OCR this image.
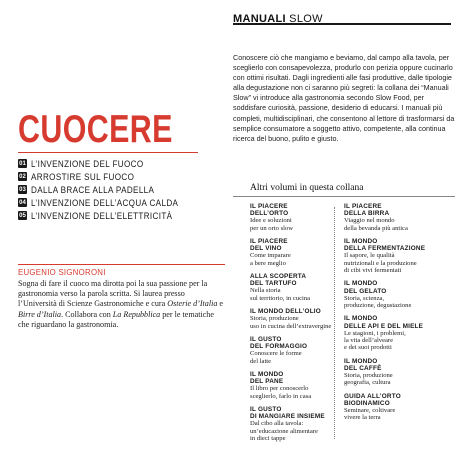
MANUALI SLOW

Conoscere ciò che mangiamo e beviamo, dal campo alla tavola, per sceglierlo con consapevolezza, produrlo con perizia oppure cucinarlo con ottimi risultati. Dagli ingredienti alle fasi produttive, dalle tipologie alla degustazione non ci saranno più segreti: la collana dei “Manuali Slow” vi introduce alla gastronomia secondo Slow Food, per soddisfare curiosità, passione, desiderio di educarsi. I manuali più completi, multidisciplinari, che consentono al lettore di trasformarsi da semplice consumatore a soggetto attivo, competente, alla continua ricerca del buono, pulito e giusto.

CUOCERE
01 L’INVENZIONE DEL FUOCO
02 ARROSTIRE SUL FUOCO
03 DALLA BRACE ALLA PADELLA
04 L’INVENZIONE DELL’ACQUA CALDA
05 L’INVENZIONE DELL’ELETTRICITÀ
EUGENIO SIGNORONI

Sogna di fare il cuoco ma dirotta poi la sua passione per la gastronomia verso la parola scritta. Si laurea presso l’Università di Scienze Gastronomiche e cura Osterie d’Italia e Birre d’Italia. Collabora con La Repubblica per le tematiche che riguardano la gastronomia.

Altri volumi in questa collana
IL PIACERE
DELL’ORTO
Idee e soluzioni
per un orto slow
IL PIACERE
DEL VINO
Come imparare
a bere meglio
ALLA SCOPERTA
DEL TARTUFO
Nella storia
sul territorio, in cucina
IL MONDO DELL’OLIO
Storia, produzione
uso in cucina dell’extravergine
IL GUSTO
DEL FORMAGGIO
Conoscere le forme
del latte
IL MONDO
DEL PANE
Il libro per conoscerlo
sceglierlo, farlo in casa
IL GUSTO
DI MANGIARE INSIEME
Dal cibo alla tavola:
un’educazione alimentare
in dieci tappe
IL PIACERE
DELLA BIRRA
Viaggio nel mondo
della bevanda più antica
IL MONDO
DELLA FERMENTAZIONE
Il sapore, le qualità
nutrizionali e la produzione
di cibi vivi fermentati
IL MONDO
DEL GELATO
Storia, scienza,
produzione, degustazione
IL MONDO
DELLE API E DEL MIELE
Le stagioni, i problemi,
la vita dell’alveare
e dei suoi prodotti
IL MONDO
DEL CAFFÈ
Storia, produzione
geografia, cultura
GUIDA ALL’ORTO
BIODINAMICO
Seminare, coltivare
vivere la terra
